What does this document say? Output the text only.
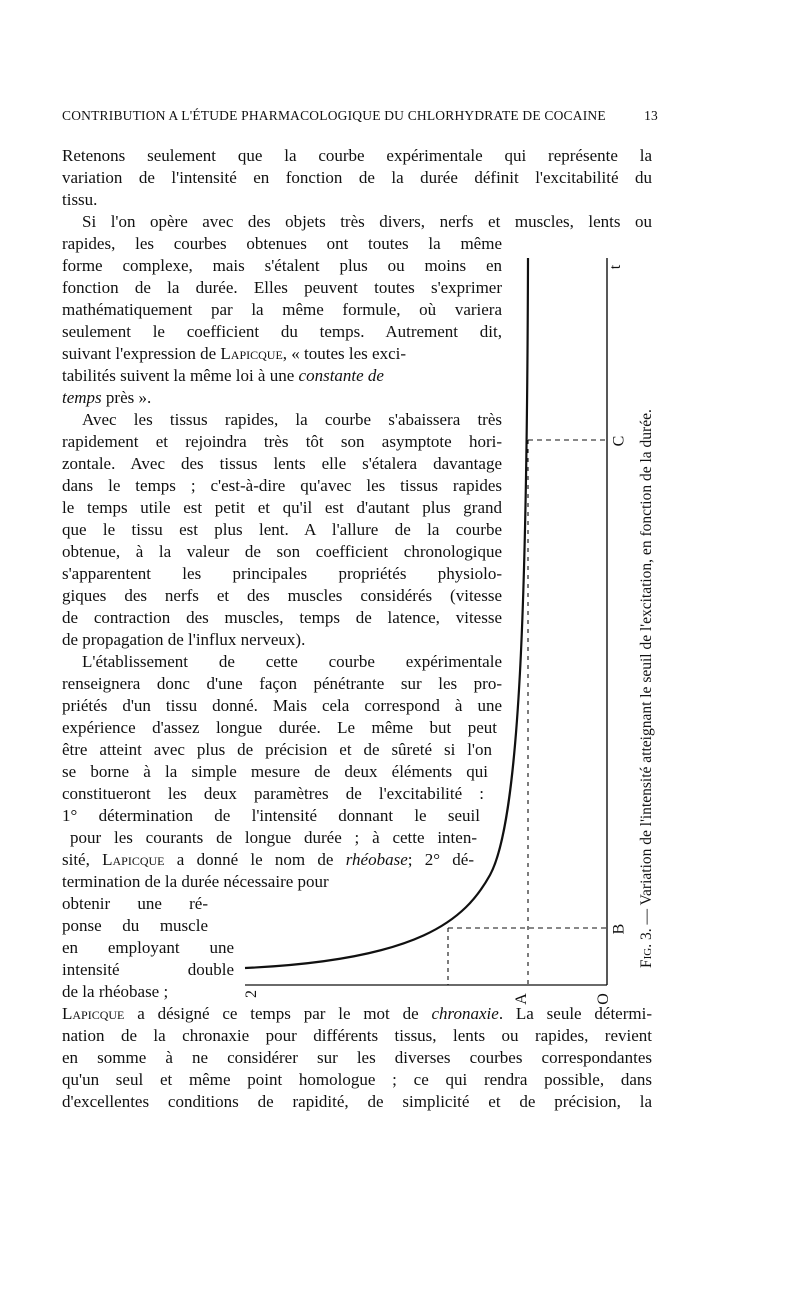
CONTRIBUTION A L'ÉTUDE PHARMACOLOGIQUE DU CHLORHYDRATE DE COCAINE	13
Retenons seulement que la courbe expérimentale qui représente la
variation de l'intensité en fonction de la durée définit l'excitabilité du
tissu.
Si l'on opère avec des objets très divers, nerfs et muscles, lents ou
rapides, les courbes obtenues ont toutes la même
forme complexe, mais s'étalent plus ou moins en
fonction de la durée. Elles peuvent toutes s'exprimer
mathématiquement par la même formule, où variera
seulement le coefficient du temps. Autrement dit,
suivant l'expression de Lapicque, « toutes les exci-
tabilités suivent la même loi à une constante de
temps près ».
Avec les tissus rapides, la courbe s'abaissera très
rapidement et rejoindra très tôt son asymptote hori-
zontale. Avec des tissus lents elle s'étalera davantage
dans le temps ; c'est-à-dire qu'avec les tissus rapides
le temps utile est petit et qu'il est d'autant plus grand
que le tissu est plus lent. A l'allure de la courbe
obtenue, à la valeur de son coefficient chronologique
s'apparentent les principales propriétés physiolo-
giques des nerfs et des muscles considérés (vitesse
de contraction des muscles, temps de latence, vitesse
de propagation de l'influx nerveux).
L'établissement de cette courbe expérimentale
renseignera donc d'une façon pénétrante sur les pro-
priétés d'un tissu donné. Mais cela correspond à une
expérience d'assez longue durée. Le même but peut
être atteint avec plus de précision et de sûreté si l'on
se borne à la simple mesure de deux éléments qui
constitueront les deux paramètres de l'excitabilité :
1° détermination de l'intensité donnant le seuil
pour les courants de longue durée ; à cette inten-
sité, Lapicque a donné le nom de rhéobase; 2° dé-
termination de la durée nécessaire pour
obtenir une ré-
ponse du muscle
en employant une
intensité double
de la rhéobase ;
Lapicque a désigné ce temps par le mot de chronaxie. La seule détermi-
nation de la chronaxie pour différents tissus, lents ou rapides, revient
en somme à ne considérer sur les diverses courbes correspondantes
qu'un seul et même point homologue ; ce qui rendra possible, dans
d'excellentes conditions de rapidité, de simplicité et de précision, la
t
C
B
A	O
2
Fig. 3. — Variation de l'intensité atteignant le seuil de l'excitation, en fonction de la durée.
